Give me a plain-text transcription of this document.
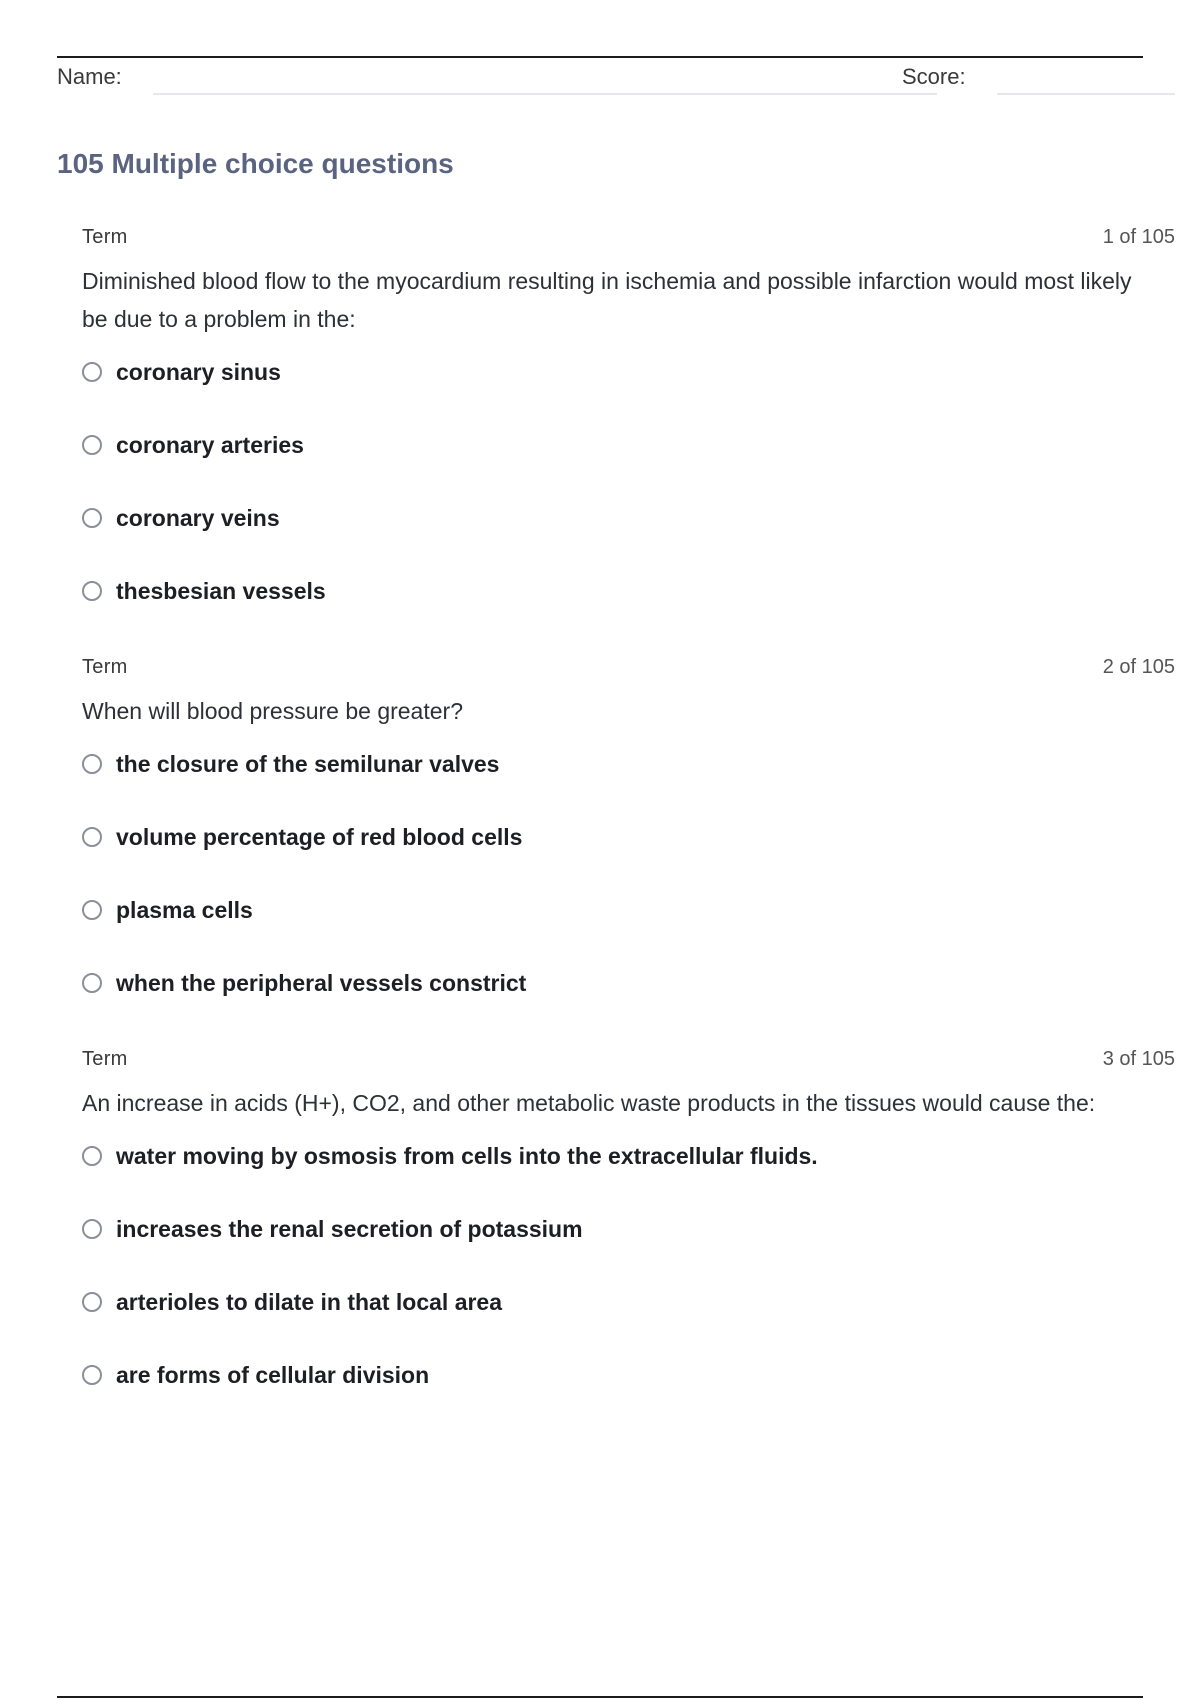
Name:	Score:
105 Multiple choice questions
Term	1 of 105
Diminished blood flow to the myocardium resulting in ischemia and possible infarction would most likely be due to a problem in the:
coronary sinus
coronary arteries
coronary veins
thesbesian vessels
Term	2 of 105
When will blood pressure be greater?
the closure of the semilunar valves
volume percentage of red blood cells
plasma cells
when the peripheral vessels constrict
Term	3 of 105
An increase in acids (H+), CO2, and other metabolic waste products in the tissues would cause the:
water moving by osmosis from cells into the extracellular fluids.
increases the renal secretion of potassium
arterioles to dilate in that local area
are forms of cellular division
